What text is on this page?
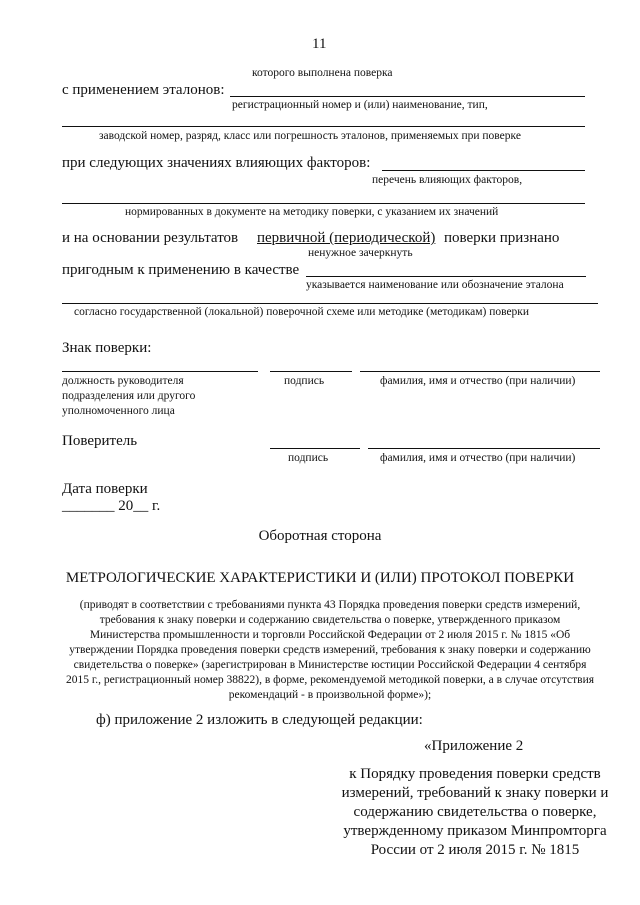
11
которого выполнена поверка
с применением эталонов:
регистрационный номер и (или) наименование, тип,
заводской номер, разряд, класс или погрешность эталонов, применяемых при поверке
при следующих значениях влияющих факторов:
перечень влияющих факторов,
нормированных в документе на методику поверки, с указанием их значений
и на основании результатов первичной (периодической) поверки признано
ненужное зачеркнуть
пригодным к применению в качестве
указывается наименование или обозначение эталона
согласно государственной (локальной) поверочной схеме или методике (методикам) поверки
Знак поверки:
должность руководителя
подразделения или другого
уполномоченного лица
подпись	фамилия, имя и отчество (при наличии)
Поверитель
подпись	фамилия, имя и отчество (при наличии)
Дата поверки
_______ 20__ г.
Оборотная сторона
МЕТРОЛОГИЧЕСКИЕ ХАРАКТЕРИСТИКИ И (ИЛИ) ПРОТОКОЛ ПОВЕРКИ
(приводят в соответствии с требованиями пункта 43 Порядка проведения поверки средств измерений,
требования к знаку поверки и содержанию свидетельства о поверке, утвержденного приказом
Министерства промышленности и торговли Российской Федерации от 2 июля 2015 г. № 1815 «Об
утверждении Порядка проведения поверки средств измерений, требования к знаку поверки и содержанию
свидетельства о поверке» (зарегистрирован в Министерстве юстиции Российской Федерации 4 сентября
2015 г., регистрационный номер 38822), в форме, рекомендуемой методикой поверки, а в случае отсутствия
рекомендаций - в произвольной форме»);
ф) приложение 2 изложить в следующей редакции:
«Приложение 2
к Порядку проведения поверки средств
измерений, требований к знаку поверки и
содержанию свидетельства о поверке,
утвержденному приказом Минпромторга
России от 2 июля 2015 г. № 1815
